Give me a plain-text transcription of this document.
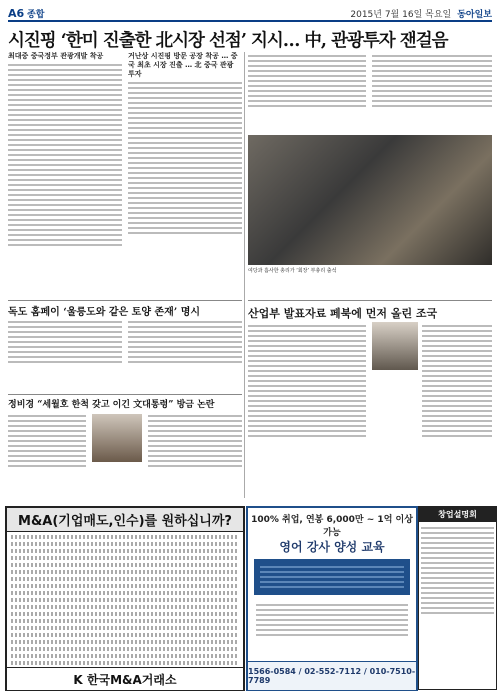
A6 종합	2015년 7월 16일 목요일 동아일보
시진핑 ‘한미 진출한 北시장 선점’ 지시… 中, 관광투자 잰걸음
최대중 중국정부 관광개발 착공	거난상 시진핑 방문 공장 착공 … 중국 최초 시장 진출 … 北 중국 관광 투자
여당과 흡사한 총리가 ‘회장’ 부총리 출석
독도 홈페이 ‘울릉도와 같은 토양 존재’ 명시
정비경 “세월호 한척 갖고 이긴 文대통령” 방금 논란
산업부 발표자료 페북에 먼저 올린 조국
M&A(기업매도,인수)를 원하십니까?
K 한국M&A거래소
100% 취업, 연봉 6,000만 ~ 1억 이상 가능
영어 강사 양성 교육
1566-0584 / 02-552-7112 / 010-7510-7789
창업설명회
